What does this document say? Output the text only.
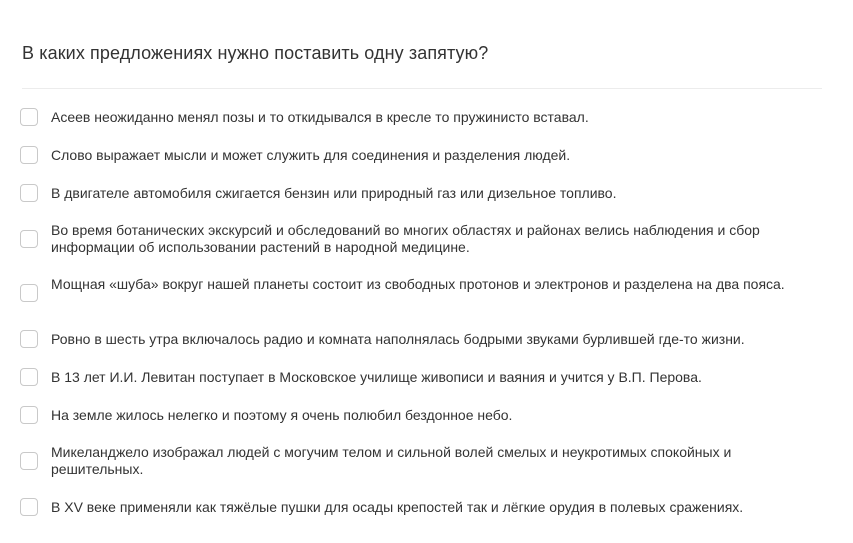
В каких предложениях нужно поставить одну запятую?
Асеев неожиданно менял позы и то откидывался в кресле то пружинисто вставал.
Слово выражает мысли и может служить для соединения и разделения людей.
В двигателе автомобиля сжигается бензин или природный газ или дизельное топливо.
Во время ботанических экскурсий и обследований во многих областях и районах велись наблюдения и сбор информации об использовании растений в народной медицине.
Мощная «шуба» вокруг нашей планеты состоит из свободных протонов и электронов и разделена на два пояса.
Ровно в шесть утра включалось радио и комната наполнялась бодрыми звуками бурлившей где-то жизни.
В 13 лет И.И. Левитан поступает в Московское училище живописи и ваяния и учится у В.П. Перова.
На земле жилось нелегко и поэтому я очень полюбил бездонное небо.
Микеланджело изображал людей с могучим телом и сильной волей смелых и неукротимых спокойных и решительных.
В XV веке применяли как тяжёлые пушки для осады крепостей так и лёгкие орудия в полевых сражениях.
